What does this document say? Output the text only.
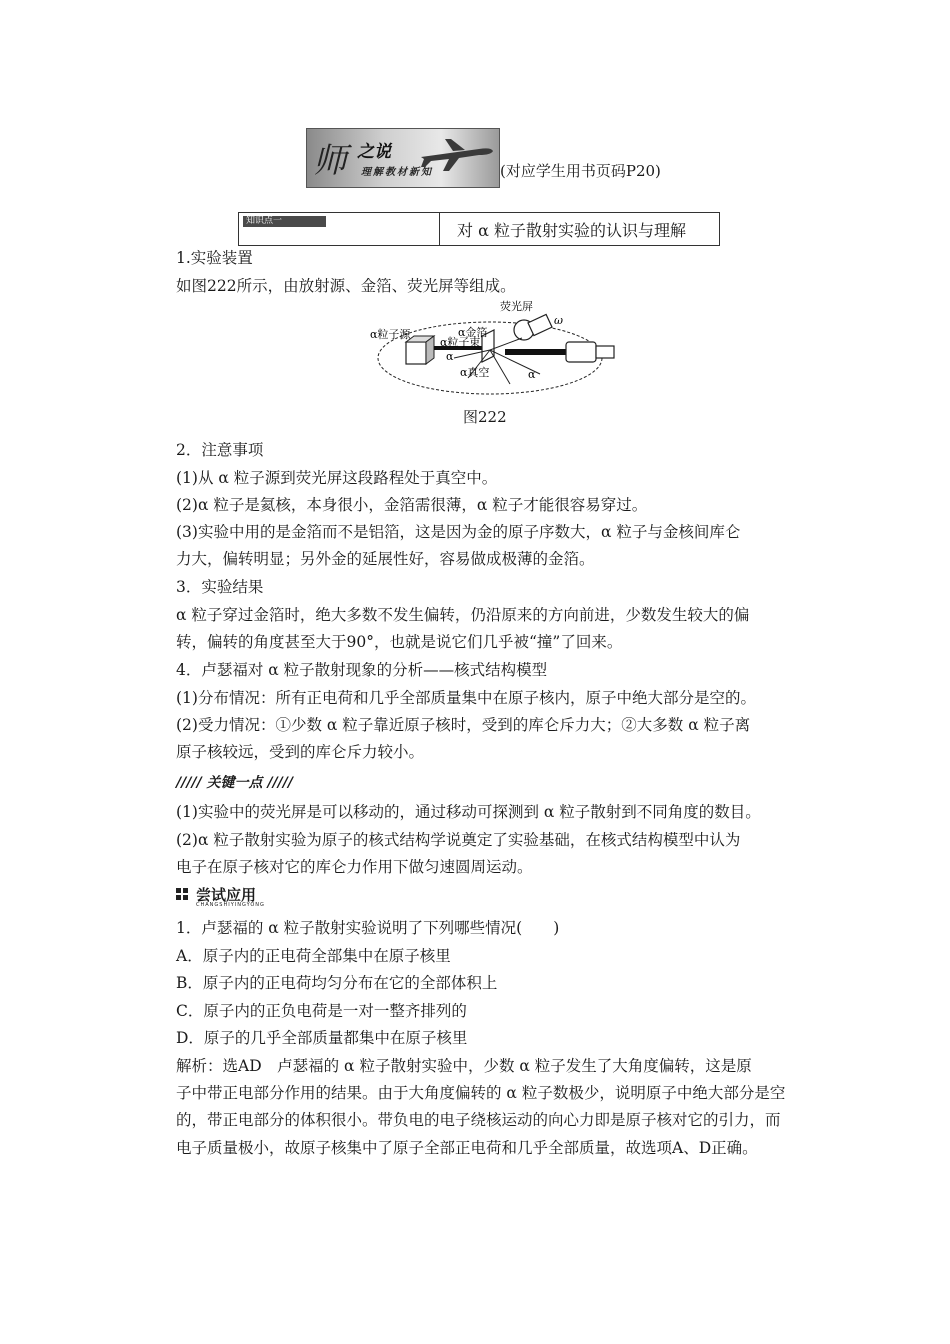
师 之说
理解教材新知	(对应学生用书页码P20)
知识点一	对 α 粒子散射实验的认识与理解
1.实验装置
如图222所示，由放射源、金箔、荧光屏等组成。
荧光屏
α粒子源	α金箔
α粒子束
α真空
ω
α
α
图222
2．注意事项
(1)从 α 粒子源到荧光屏这段路程处于真空中。
(2)α 粒子是氦核，本身很小，金箔需很薄，α 粒子才能很容易穿过。
(3)实验中用的是金箔而不是铝箔，这是因为金的原子序数大，α 粒子与金核间库仑
力大，偏转明显；另外金的延展性好，容易做成极薄的金箔。
3．实验结果
α 粒子穿过金箔时，绝大多数不发生偏转，仍沿原来的方向前进，少数发生较大的偏
转，偏转的角度甚至大于90°，也就是说它们几乎被“撞”了回来。
4．卢瑟福对 α 粒子散射现象的分析——核式结构模型
(1)分布情况：所有正电荷和几乎全部质量集中在原子核内，原子中绝大部分是空的。
(2)受力情况：①少数 α 粒子靠近原子核时，受到的库仑斥力大；②大多数 α 粒子离
原子核较远，受到的库仑斥力较小。
///// 关键一点 /////
(1)实验中的荧光屏是可以移动的，通过移动可探测到 α 粒子散射到不同角度的数目。
(2)α 粒子散射实验为原子的核式结构学说奠定了实验基础，在核式结构模型中认为
电子在原子核对它的库仑力作用下做匀速圆周运动。
尝试应用
CHANGSHIYINGYONG
1．卢瑟福的 α 粒子散射实验说明了下列哪些情况(　　)
A．原子内的正电荷全部集中在原子核里
B．原子内的正电荷均匀分布在它的全部体积上
C．原子内的正负电荷是一对一整齐排列的
D．原子的几乎全部质量都集中在原子核里
解析：选AD　卢瑟福的 α 粒子散射实验中，少数 α 粒子发生了大角度偏转，这是原
子中带正电部分作用的结果。由于大角度偏转的 α 粒子数极少，说明原子中绝大部分是空
的，带正电部分的体积很小。带负电的电子绕核运动的向心力即是原子核对它的引力，而
电子质量极小，故原子核集中了原子全部正电荷和几乎全部质量，故选项A、D正确。
